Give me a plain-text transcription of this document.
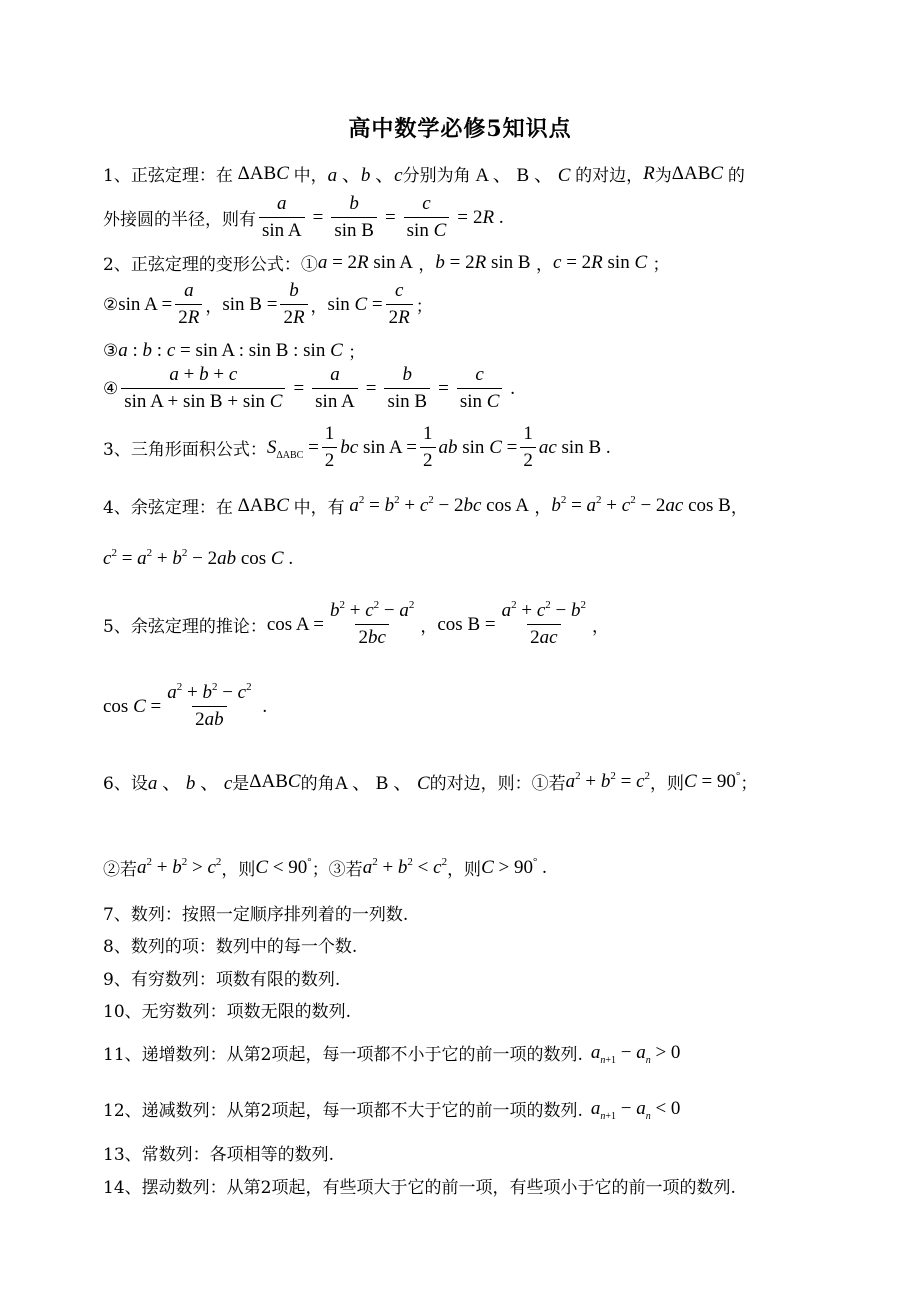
高中数学必修5知识点
1、正弦定理：在 ΔABC 中， a 、b 、c 分别为角 A 、 B 、 C 的对边， R 为 ΔABC 的
外接圆的半径，则有 $\frac{a}{\text{sin A}} = \frac{b}{\text{sin B}} = \frac{c}{\text{sin C}} = 2R$ .
2、正弦定理的变形公式：① a = 2R sin A ， b = 2R sin B ， c = 2R sin C ；
② $\sin A = \frac{a}{2R}$ ， $\sin B = \frac{b}{2R}$ ， $\sin C = \frac{c}{2R}$ ；
③ a : b : c = sin A : sin B : sin C ；
④ $\frac{a + b + c}{\text{sin A + sin B + sin C}} = \frac{a}{\text{sin A}} = \frac{b}{\text{sin B}} = \frac{c}{\text{sin C}}$ .
3、三角形面积公式： $S_{\Delta ABC} = \frac{1}{2}$ bc $\sin A = \frac{1}{2}$ ab $\sin C = \frac{1}{2}$ ac sin B .
4、余弦定理：在 ΔABC 中，有 $a^2 = b^2 + c^2 - 2bc$ cos A ， $b^2 = a^2 + c^2 - 2ac$ cos B ，
$c^2 = a^2 + b^2 - 2ab$ cos C .
5、余弦定理的推论： $\cos A = \frac{b^2 + c^2 - a^2}{2bc}$ ， $\cos B = \frac{a^2 + c^2 - b^2}{2ac}$ ，
$\cos C = \frac{a^2 + b^2 - c^2}{2ab}$ .
6、设 a 、 b 、 c 是 ΔABC 的角 A 、 B 、 C 的对边，则：①若 $a^2 + b^2 = c^2$ ，则 C = 90° ；
②若 $a^2 + b^2 > c^2$ ，则 C < 90° ；③若 $a^2 + b^2 < c^2$ ，则 C > 90° .
7、数列：按照一定顺序排列着的一列数.
8、数列的项：数列中的每一个数.
9、有穷数列：项数有限的数列.
10、无穷数列：项数无限的数列.
11、递增数列：从第2项起，每一项都不小于它的前一项的数列. $a_{n+1} - a_n > 0$
12、递减数列：从第2项起，每一项都不大于它的前一项的数列. $a_{n+1} - a_n < 0$
13、常数列：各项相等的数列.
14、摆动数列：从第2项起，有些项大于它的前一项，有些项小于它的前一项的数列.
